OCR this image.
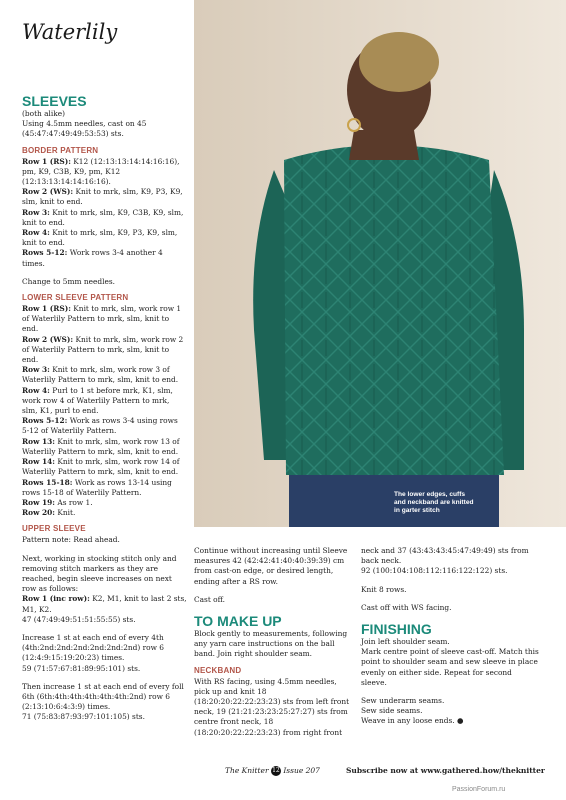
Waterlily
SLEEVES

(both alike)

Using 4.5mm needles, cast on 45 (45:47:47:49:49:53:53) sts.

BORDER PATTERN

Row 1 (RS): K12 (12:13:13:14:14:16:16), pm, K9, C3B, K9, pm, K12 (12:13:13:14:14:16:16).

Row 2 (WS): Knit to mrk, slm, K9, P3, K9, slm, knit to end.

Row 3: Knit to mrk, slm, K9, C3B, K9, slm, knit to end.

Row 4: Knit to mrk, slm, K9, P3, K9, slm, knit to end.

Rows 5-12: Work rows 3-4 another 4 times.

Change to 5mm needles.

LOWER SLEEVE PATTERN

Row 1 (RS): Knit to mrk, slm, work row 1 of Waterlily Pattern to mrk, slm, knit to end.

Row 2 (WS): Knit to mrk, slm, work row 2 of Waterlily Pattern to mrk, slm, knit to end.

Row 3: Knit to mrk, slm, work row 3 of Waterlily Pattern to mrk, slm, knit to end.

Row 4: Purl to 1 st before mrk, K1, slm, work row 4 of Waterlily Pattern to mrk, slm, K1, purl to end.

Rows 5-12: Work as rows 3-4 using rows 5-12 of Waterlily Pattern.

Row 13: Knit to mrk, slm, work row 13 of Waterlily Pattern to mrk, slm, knit to end.

Row 14: Knit to mrk, slm, work row 14 of Waterlily Pattern to mrk, slm, knit to end.

Rows 15-18: Work as rows 13-14 using rows 15-18 of Waterlily Pattern.

Row 19: As row 1.

Row 20: Knit.

UPPER SLEEVE

Pattern note: Read ahead.

Next, working in stocking stitch only and removing stitch markers as they are reached, begin sleeve increases on next row as follows:

Row 1 (inc row): K2, M1, knit to last 2 sts, M1, K2.

47 (47:49:49:51:51:55:55) sts.

Increase 1 st at each end of every 4th (4th:2nd:2nd:2nd:2nd:2nd:2nd) row 6 (12:4:9:15:19:20:23) times.

59 (71:57:67:81:89:95:101) sts.

Then increase 1 st at each end of every foll 6th (6th:4th:4th:4th:4th:4th:2nd) row 6 (2:13:10:6:4:3:9) times.

71 (75:83:87:93:97:101:105) sts.

The lower edges, cuffs and neckband are knitted in garter stitch

Continue without increasing until Sleeve measures 42 (42:42:41:40:40:39:39) cm from cast-on edge, or desired length, ending after a RS row.

Cast off.

TO MAKE UP

Block gently to measurements, following any yarn care instructions on the ball band. Join right shoulder seam.

NECKBAND

With RS facing, using 4.5mm needles, pick up and knit 18 (18:20:20:22:22:23:23) sts from left front neck, 19 (21:21:23:23:25:27:27) sts from centre front neck, 18 (18:20:20:22:22:23:23) from right front

neck and 37 (43:43:43:45:47:49:49) sts from back neck.

92 (100:104:108:112:116:122:122) sts.

Knit 8 rows.

Cast off with WS facing.

FINISHING

Join left shoulder seam.

Mark centre point of sleeve cast-off. Match this point to shoulder seam and sew sleeve in place evenly on either side. Repeat for second sleeve.

Sew underarm seams.

Sew side seams.

Weave in any loose ends. ●

The Knitter 12 Issue 207	Subscribe now at www.gathered.how/theknitter
PassionForum.ru
